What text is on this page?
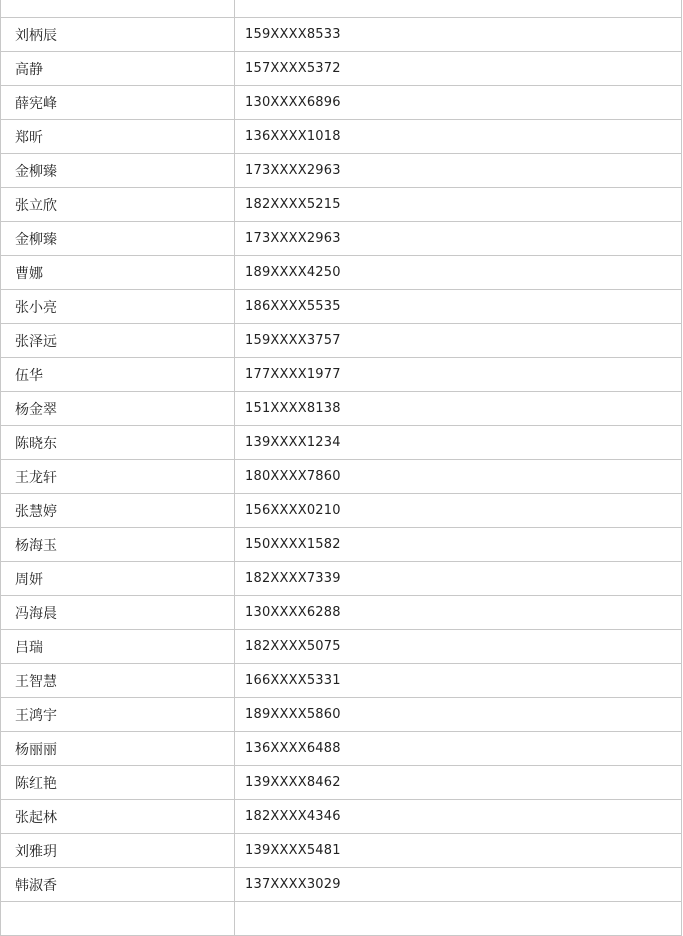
刘柄辰	159XXXX8533
高静	157XXXX5372
薛宪峰	130XXXX6896
郑昕	136XXXX1018
金柳臻	173XXXX2963
张立欣	182XXXX5215
金柳臻	173XXXX2963
曹娜	189XXXX4250
张小亮	186XXXX5535
张泽远	159XXXX3757
伍华	177XXXX1977
杨金翠	151XXXX8138
陈晓东	139XXXX1234
王龙轩	180XXXX7860
张慧婷	156XXXX0210
杨海玉	150XXXX1582
周妍	182XXXX7339
冯海晨	130XXXX6288
吕瑞	182XXXX5075
王智慧	166XXXX5331
王鸿宇	189XXXX5860
杨丽丽	136XXXX6488
陈红艳	139XXXX8462
张起林	182XXXX4346
刘雅玥	139XXXX5481
韩淑香	137XXXX3029
